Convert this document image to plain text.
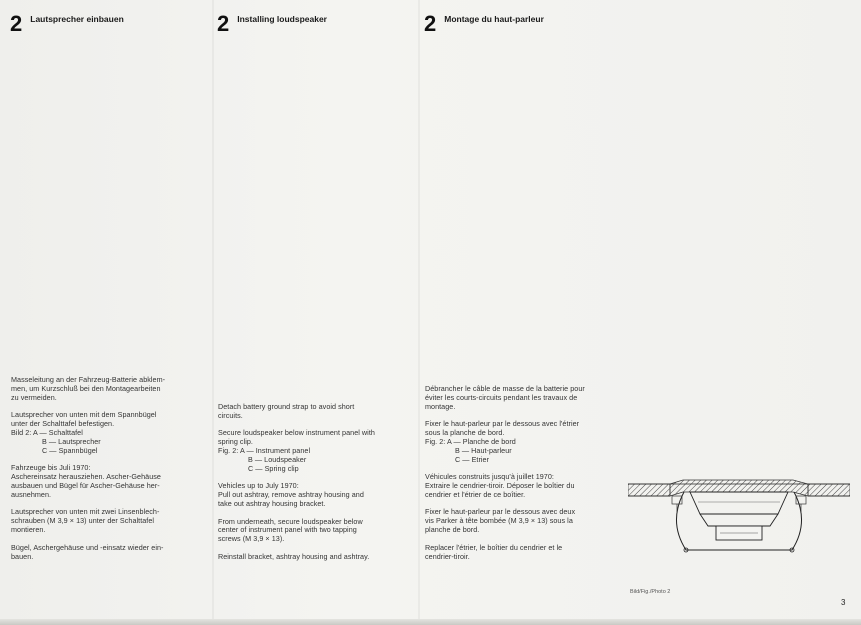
2 Lautsprecher einbauen

Masseleitung an der Fahrzeug-Batterie abklem-
men, um Kurzschluß bei den Montagearbeiten
zu vermeiden.

Lautsprecher von unten mit dem Spannbügel
unter der Schalttafel befestigen.
Bild 2: A — Schalttafel
B — Lautsprecher
C — Spannbügel

Fahrzeuge bis Juli 1970:
Aschereinsatz herausziehen. Ascher-Gehäuse
ausbauen und Bügel für Ascher-Gehäuse her-
ausnehmen.

Lautsprecher von unten mit zwei Linsenblech-
schrauben (M 3,9 × 13) unter der Schalttafel
montieren.

Bügel, Aschergehäuse und -einsatz wieder ein-
bauen.

2 Installing loudspeaker

Detach battery ground strap to avoid short
circuits.

Secure loudspeaker below instrument panel with
spring clip.
Fig. 2: A — Instrument panel
B — Loudspeaker
C — Spring clip

Vehicles up to July 1970:
Pull out ashtray, remove ashtray housing and
take out ashtray housing bracket.

From underneath, secure loudspeaker below
center of instrument panel with two tapping
screws (M 3,9 × 13).

Reinstall bracket, ashtray housing and ashtray.

2 Montage du haut-parleur

Débrancher le câble de masse de la batterie pour
éviter les courts-circuits pendant les travaux de
montage.

Fixer le haut-parleur par le dessous avec l'étrier
sous la planche de bord.
Fig. 2: A — Planche de bord
B — Haut-parleur
C — Etrier

Véhicules construits jusqu'à juillet 1970:
Extraire le cendrier-tiroir. Déposer le boîtier du
cendrier et l'étrier de ce boîtier.

Fixer le haut-parleur par le dessous avec deux
vis Parker à tête bombée (M 3,9 × 13) sous la
planche de bord.

Replacer l'étrier, le boîtier du cendrier et le
cendrier-tiroir.

Bild/Fig./Photo 2
3
